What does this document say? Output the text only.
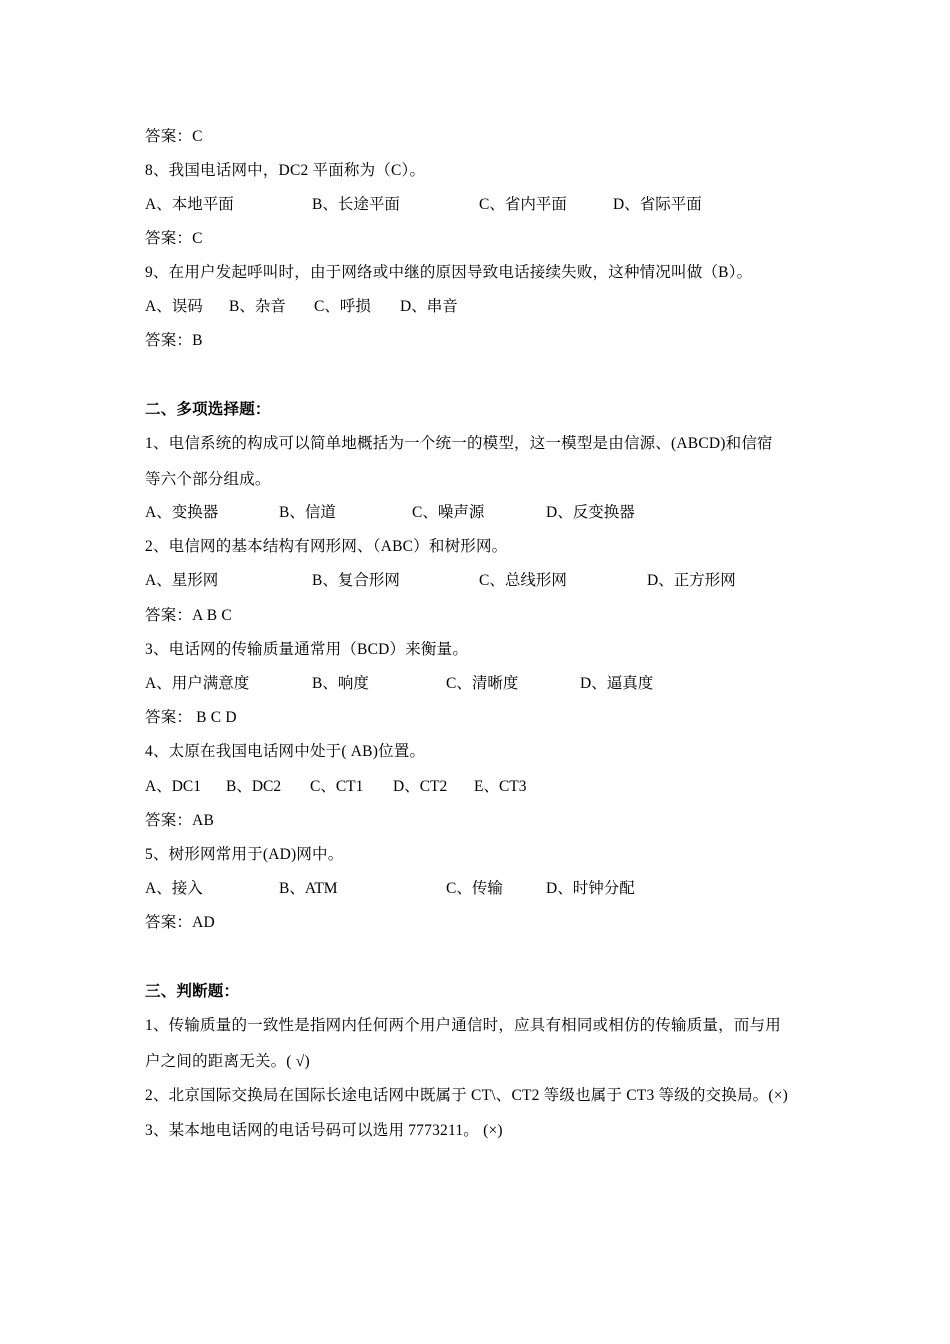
答案：C
8、我国电话网中，DC2 平面称为（C）。
A、本地平面	B、长途平面	C、省内平面	D、省际平面
答案：C
9、在用户发起呼叫时，由于网络或中继的原因导致电话接续失败，这种情况叫做（B）。
A、误码 B、杂音 C、呼损 D、串音
答案：B
二、多项选择题：
1、电信系统的构成可以简单地概括为一个统一的模型，这一模型是由信源、(ABCD)和信宿
等六个部分组成。
A、变换器	B、信道	C、噪声源	D、反变换器
2、电信网的基本结构有网形网、（ABC）和树形网。
A、星形网	B、复合形网	C、总线形网	D、正方形网
答案：A B C
3、电话网的传输质量通常用（BCD）来衡量。
A、用户满意度	B、响度	C、清晰度	D、逼真度
答案： B C D
4、太原在我国电话网中处于( AB)位置。
A、DC1 B、DC2 C、CT1 D、CT2 E、CT3
答案：AB
5、树形网常用于(AD)网中。
A、接入	B、ATM	C、传输	D、时钟分配
答案：AD
三、判断题：
1、传输质量的一致性是指网内任何两个用户通信时，应具有相同或相仿的传输质量，而与用
户之间的距离无关。( √)
2、北京国际交换局在国际长途电话网中既属于 CT\、CT2 等级也属于 CT3 等级的交换局。(×)
3、某本地电话网的电话号码可以选用 7773211。 (×)
